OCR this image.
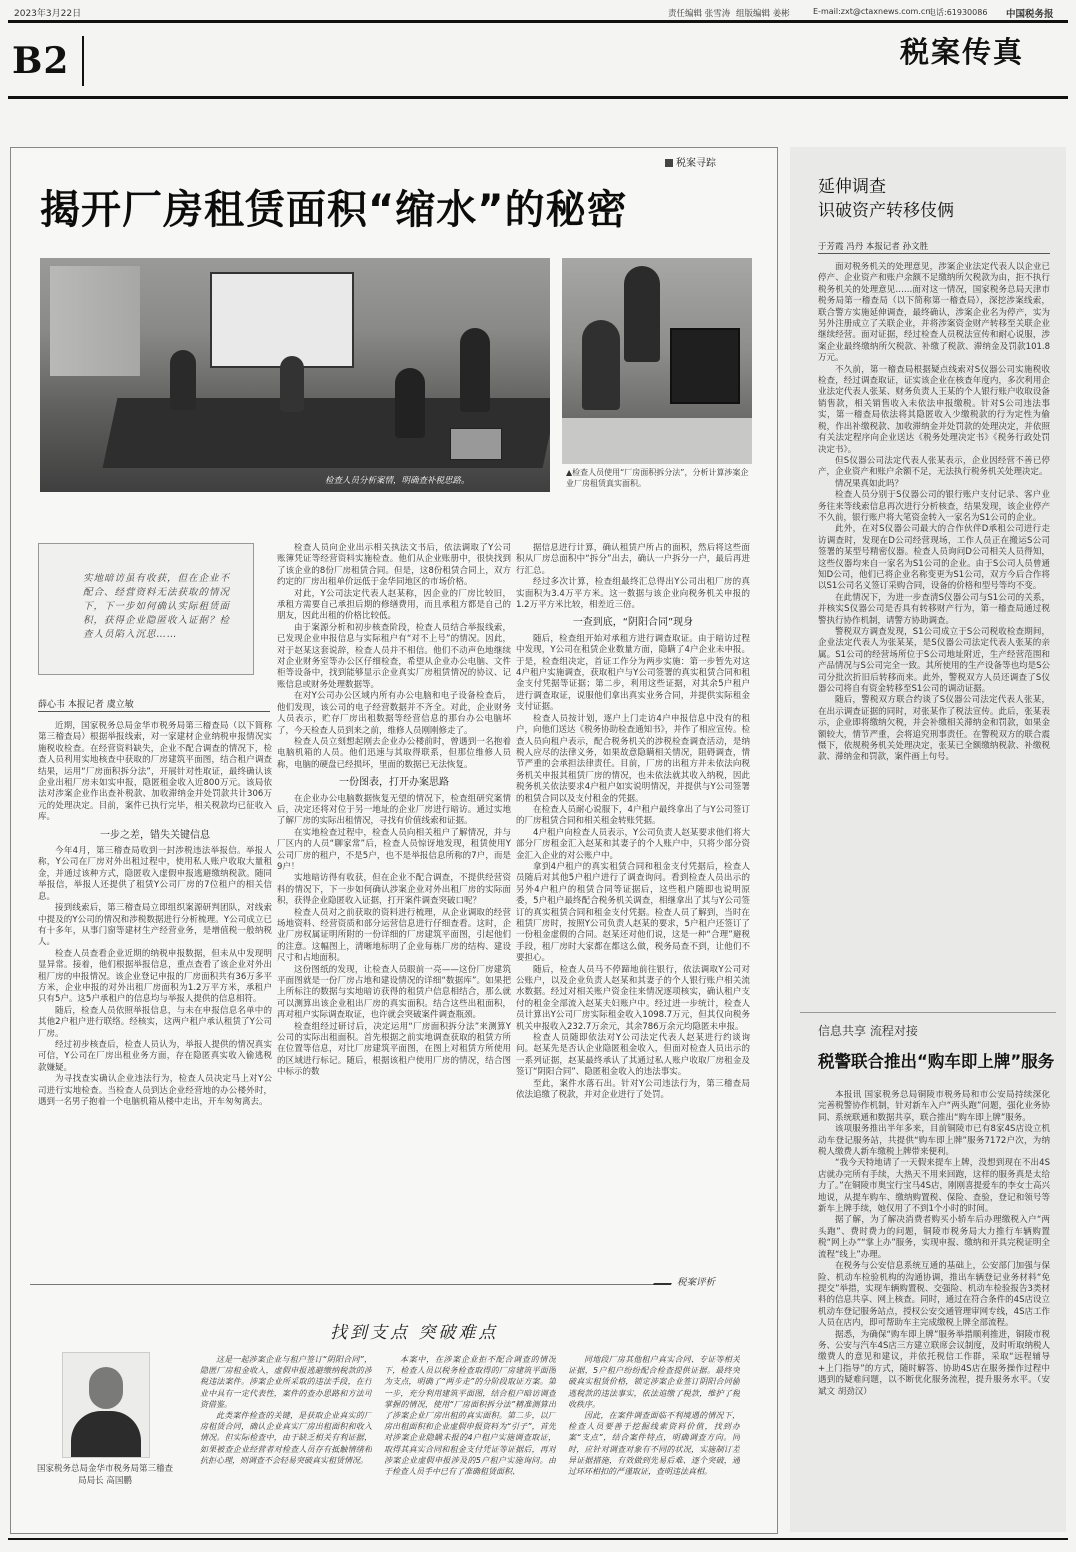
2023年3月22日	责任编辑 张雪涛 组版编辑 姜彬	E-mail:zxt@ctaxnews.com.cn
电话:61930086 中国税务报
B2	税案传真
税案寻踪
揭开厂房租赁面积“缩水”的秘密
检查人员分析案情，明确查补税思路。
▲检查人员使用“厂房面积拆分法”，分析计算涉案企业厂房租赁真实面积。
实地暗访虽有收获，但在企业不配合、经营资料无法获取的情况下，下一步如何确认实际租赁面积，获得企业隐匿收入证据？检查人员陷入沉思……
薛心韦 本报记者 虞立敏

近期，国家税务总局金华市税务局第三稽查局（以下简称第三稽查局）根据举报线索，对一家建材企业纳税申报情况实施税收检查。在经营资料缺失，企业不配合调查的情况下，检查人员利用实地核查中获取的厂房建筑平面图，结合租户调查结果，运用“厂房面积拆分法”，开展针对性取证，最终确认该企业出租厂房未如实申报，隐匿租金收入近800万元。该局依法对涉案企业作出查补税款、加收滞纳金并处罚款共计306万元的处理决定。目前，案件已执行完毕，相关税款均已征收入库。

一步之差，错失关键信息

今年4月，第三稽查局收到一封涉税违法举报信。举报人称，Y公司在厂房对外出租过程中，使用私人账户收取大量租金，并通过该种方式，隐匿收入虚假申报逃避缴纳税款。随同举报信，举报人还提供了租赁Y公司厂房的7位租户的相关信息。

接到线索后，第三稽查局立即组织案源研判团队，对线索中提及的Y公司的情况和涉税数据进行分析梳理。Y公司成立已有十多年，从事门窗等建材生产经营业务，是增值税一般纳税人。

检查人员查看企业近期的纳税申报数据，但未从中发现明显异常。接着，他们根据举报信息，重点查看了该企业对外出租厂房的申报情况。该企业登记申报的厂房面积共有36万多平方米，企业申报的对外出租厂房面积为1.2万平方米，承租户只有5户。这5户承租户的信息均与举报人提供的信息相符。

随后，检查人员依照举报信息，与未在申报信息名单中的其他2户租户进行联络。经核实，这两户租户承认租赁了Y公司厂房。

经过初步核查后，检查人员认为，举报人提供的情况真实可信，Y公司在厂房出租业务方面，存在隐匿真实收入偷逃税款嫌疑。

为寻找查实确认企业违法行为，检查人员决定马上对Y公司进行实地检查。当检查人员到达企业经营地的办公楼外时，遇到一名男子抱着一个电脑机箱从楼中走出，开车匆匆离去。

检查人员向企业出示相关执法文书后，依法调取了Y公司账簿凭证等经营资料实施检查。他们从企业账册中，很快找到了该企业的8份厂房租赁合同。但是，这8份租赁合同上，双方约定的厂房出租单价远低于金华同地区的市场价格。

对此，Y公司法定代表人赵某称，因企业的厂房比较旧，承租方需要自己承担后期的修缮费用，而且承租方都是自己的朋友，因此出租的价格比较低。

由于案源分析和初步核查阶段，检查人员结合举报线索，已发现企业申报信息与实际租户有“对不上号”的情况。因此，对于赵某这套说辞，检查人员并不相信。他们不动声色地继续对企业财务室等办公区仔细检查，希望从企业办公电脑、文件柜等设备中，找到能够显示企业真实厂房租赁情况的协议、记账信息或财务处理数据等。

在对Y公司办公区域内所有办公电脑和电子设备检查后，他们发现，该公司的电子经营数据并不齐全。对此，企业财务人员表示，贮存厂房出租数据等经营信息的那台办公电脑坏了，今天检查人员到来之前，维修人员刚刚修走了。

检查人员立刻想起刚去企业办公楼前时，曾遇到一名抱着电脑机箱的人员。他们迅速与其取得联系，但那位维修人员称，电脑的硬盘已经损坏，里面的数据已无法恢复。

一份图表，打开办案思路

在企业办公电脑数据恢复无望的情况下，检查组研究案情后，决定还将对位于另一地址的企业厂房进行暗访。通过实地了解厂房的实际出租情况，寻找有价值线索和证据。

在实地检查过程中，检查人员向相关租户了解情况，并与厂区内的人员“聊家常”后，检查人员惊讶地发现，租赁使用Y公司厂房的租户，不是5户，也不是举报信息所称的7户，而是9户！

实地暗访得有收获，但在企业不配合调查，不提供经营资料的情况下，下一步如何确认涉案企业对外出租厂房的实际面积，获得企业隐匿收入证据，打开案件调查突破口呢？

检查人员对之前获取的资料进行梳理，从企业调取的经营场地资料、经营资质和部分运营信息进行仔细查看。这时，企业厂房权属证明所附的一份详细的厂房建筑平面图，引起他们的注意。这幅图上，清晰地标明了企业每栋厂房的结构、建设尺寸和占地面积。

这份图纸的发现，让检查人员眼前一亮——这份厂房建筑平面图就是一份厂房占地和建设情况的详细“数据库”。如果把上所标注的数据与实地暗访获得的租赁户信息相结合，那么就可以测算出该企业租出厂房的真实面积。结合这些出租面积，再对租户实际调查取证，也许就会突破案件调查瓶颈。

检查组经过研讨后，决定运用“厂房面积拆分法”来测算Y公司的实际出租面积。首先根据之前实地调查获取的租赁方所在位置等信息，对比厂房建筑平面图，在图上对租赁方所使用的区域进行标记。随后，根据该租户使用厂房的情况，结合图中标示的数

据信息进行计算，确认租赁户所占的面积，然后将这些面积从厂房总面积中“拆分”出去，确认一户拆分一户，最后再进行汇总。

经过多次计算，检查组最终汇总得出Y公司出租厂房的真实面积为3.4万平方米。这一数据与该企业向税务机关申报的1.2万平方米比较，相差近三倍。

一查到底，“阴阳合同”现身

随后，检查组开始对承租方进行调查取证。由于暗访过程中发现，Y公司在租赁企业数量方面，隐瞒了4户企业未申报。于是，检查组决定，首证工作分为两步实施：第一步暂先对这4户租户实施调查，获取租户与Y公司签署的真实租赁合同和租金支付凭据等证据；第二步，利用这些证据，对其余5户租户进行调查取证，说服他们拿出真实业务合同，并提供实际租金支付证据。

检查人员按计划，逐户上门走访4户申报信息中没有的租户，向他们送达《税务协助检查通知书》，并作了相应宣传。检查人员向租户表示，配合税务机关的涉税检查调查活动，是纳税人应尽的法律义务，如果故意隐瞒相关情况，阻碍调查，情节严重的会承担法律责任。目前，厂房的出租方并未依法向税务机关申报其租赁厂房的情况，也未依法就其收入纳税，因此税务机关依法要求4户租户如实说明情况，并提供与Y公司签署的租赁合同以及支付租金的凭据。

在检查人员耐心说服下，4户租户最终拿出了与Y公司签订的厂房租赁合同和相关租金转账凭据。

4户租户向检查人员表示，Y公司负责人赵某要求他们将大部分厂房租金汇入赵某和其妻子的个人账户中，只将少部分资金汇入企业的对公账户中。

拿到4户租户的真实租赁合同和租金支付凭据后，检查人员随后对其他5户租户进行了调查询问。看到检查人员出示的另外4户租户的租赁合同等证据后，这些租户随即也说明原委，5户租户最终配合税务机关调查，相继拿出了其与Y公司签订的真实租赁合同和租金支付凭据。检查人员了解到，当时在租赁厂房时，按照Y公司负责人赵某的要求，5户租户还签订了一份租金虚假的合同。赵某还对他们说，这是一种“合理”避税手段，租厂房时大家都在都这么做，税务局查不到，让他们不要担心。

随后，检查人员马不停蹄地前往银行，依法调取Y公司对公账户，以及企业负责人赵某和其妻子的个人银行账户相关流水数据。经过对相关账户资金往来情况逐项核实，确认租户支付的租金全部流入赵某夫妇账户中。经过进一步统计，检查人员计算出Y公司厂房实际租金收入1098.7万元，但其仅向税务机关申报收入232.7万余元，其余786万余元均隐匿未申报。

检查人员随即依法对Y公司法定代表人赵某进行约谈询问。赵某先是否认企业隐匿租金收入，但面对检查人员出示的一系列证据，赵某最终承认了其通过私人账户收取厂房租金及签订“阴阳合同”、隐匿租金收入的违法事实。

至此，案件水落石出。针对Y公司违法行为，第三稽查局依法追缴了税款，并对企业进行了处罚。

税案评析
国家税务总局金华市税务局第三稽查局局长 高国鹏
找到支点 突破难点

这是一起涉案企业与租户签订“阴阳合同”，隐匿厂房租金收入，虚假申报逃避缴纳税款的涉税违法案件。涉案企业所采取的违法手段，在行业中具有一定代表性，案件的查办思路和方法可资借鉴。

此类案件检查的关键，是获取企业真实的厂房租赁合同，确认企业真实厂房出租面积和收入情况。但实际检查中，由于缺乏相关有利证据，如果被查企业经营者对检查人员存有抵触情绪和抗拒心理，则调查不会轻易突破真实租赁情况。

本案中，在涉案企业拒不配合调查的情况下，检查人员以税务检查取得的厂房建筑平面图为支点，明确了“两步走”的分阶段取证方案。第一步，充分利用建筑平面图，结合租户暗访调查掌握的情况，使用“厂房面积拆分法”精准测算出了涉案企业厂房出租的真实面积。第二步，以厂房出租面积和企业虚假申报资料为“引子”，首先对涉案企业隐瞒未报的4户租户实施调查取证，取得其真实合同和租金支付凭证等证据后，再对涉案企业虚假申报涉及的5户租户实施询问。由于检查人员手中已有了准确租赁面积、

同地段厂房其他租户真实合同、专证等相关证据，5户租户纷纷配合检查提供证据。最终突破真实租赁价格，锁定涉案企业签订阴阳合同偷逃税款的违法事实，依法追缴了税款，维护了税收秩序。

因此，在案件调查面临不利境遇的情况下，检查人员要善于挖掘线索资料价值，找到办案“支点”，结合案件特点，明确调查方向。同时，应针对调查对象有不同的状况，实施制订差异证据措施，有效做到先易后难、逐个突破，通过环环相扣的严谨取证，查明违法真相。

延伸调查
识破资产转移伎俩
于芳霞 冯丹 本报记者 孙文胜

面对税务机关的处理意见，涉案企业法定代表人以企业已停产、企业资产和账户余额不足缴纳所欠税款为由，拒不执行税务机关的处理意见……面对这一情况，国家税务总局天津市税务局第一稽查局（以下简称第一稽查局），深挖涉案线索，联合警方实施延伸调查，最终确认，涉案企业名为停产，实为另外注册成立了关联企业，并将涉案资金财产转移至关联企业继续经营。面对证据，经过检查人员税法宣传和耐心说服，涉案企业最终缴纳所欠税款、补缴了税款、滞纳金及罚款101.8万元。

不久前，第一稽查局根据疑点线索对S仪器公司实施税收检查，经过调查取证，证实该企业在核查年度内，多次利用企业法定代表人张某、财务负责人王某的个人银行账户收取设备销售款，相关销售收入未依法申报缴税。针对S公司违法事实，第一稽查局依法将其隐匿收入少缴税款的行为定性为偷税，作出补缴税款、加收滞纳金并处罚款的处理决定，并依照有关法定程序向企业送达《税务处理决定书》《税务行政处罚决定书》。

但S仪器公司法定代表人张某表示，企业因经营不善已停产，企业资产和账户余额不足，无法执行税务机关处理决定。

情况果真如此吗？

检查人员分别于S仪器公司的银行账户支付记录、客户业务往来等线索信息再次进行分析核查，结果发现，该企业停产不久前，银行账户将大笔资金转入一家名为S1公司的企业。

此外，在对S仪器公司最大的合作伙伴D承租公司进行走访调查时，发现在D公司经营现场，工作人员正在搬运S公司签署的某型号精密仪器。检查人员询问D公司相关人员得知，这些仪器均来自一家名为S1公司的企业。由于S公司人员曾通知D公司，他们已将企业名称变更为S1公司，双方今后合作将以S1公司名义签订采购合同，设备的价格和型号等均不变。

在此情况下，为进一步查清S仪器公司与S1公司的关系，并核实S仪器公司是否具有转移财产行为，第一稽查局通过税警执行协作机制，请警方协助调查。

警税双方调查发现，S1公司成立于S公司税收检查期间，企业法定代表人为张某某，是S仪器公司法定代表人张某的亲属。S1公司的经营场所位于S公司地址附近，生产经营范围和产品情况与S公司完全一致。其所使用的生产设备等也均是S公司分批次折旧后转移而来。此外，警税双方人员还调查了S仪器公司将自有资金转移至S1公司的调动证据。

随后，警税双方联合约谈了S仪器公司法定代表人张某，在出示调查证据的同时，对张某作了税法宣传。此后，张某表示，企业即将缴纳欠税，并会补缴相关滞纳金和罚款，如果金额较大，情节严重，会将追究刑事责任。在警税双方的联合震慑下，依规税务机关处理决定，张某已全额缴纳税款、补缴税款、滞纳金和罚款，案件画上句号。

信息共享 流程对接
税警联合推出“购车即上牌”服务

本报讯 国家税务总局铜陵市税务局和市公安局持续深化完善税警协作机制，针对新车入户“两头跑”问题，强化业务协同、系统联通和数据共享，联合推出“购车即上牌”服务。

该项服务推出半年多来，目前铜陵市已有8家4S店设立机动车登记服务站，共提供“购车即上牌”服务7172户次，为纳税人缴费人新车缴税上牌带来便利。

“我今天特地请了一天假来提车上牌，没想到现在不出4S店就办完所有手续，大热天不用来回跑，这样的服务真是太给力了。”在铜陵市奥宝行宝马4S店，刚刚喜提爱车的李女士高兴地说，从提车购车、缴纳购置税、保险、查验，登记和领号等新车上牌手续，她仅用了不到1个小时的时间。

据了解，为了解决消费者购买小轿车后办理缴税入户“两头跑”、费时费力的问题，铜陵市税务局大力推行车辆购置税“网上办”“掌上办”服务，实现申报、缴纳和开具完税证明全流程“线上”办理。

在税务与公安信息系统互通的基础上，公安部门加强与保险、机动车检验机构的沟通协调，推出车辆登记业务材料“免提交”举措，实现车辆购置税、交强险、机动车检验报告3类材料的信息共享、网上核查。同时，通过在符合条件的4S店设立机动车登记服务站点，授权公安交通管理审网专线，4S店工作人员在店内，即可帮助车主完成缴税上牌全部流程。

据悉，为确保“购车即上牌”服务举措顺利推进，铜陵市税务、公安与汽车4S店三方建立联席会议制度，及时听取纳税人缴费人的意见和建议，并依托税信工作群，采取“远程辅导+上门指导”的方式，随时解答、协助4S店在服务操作过程中遇到的疑难问题，以不断优化服务流程，提升服务水平。（安斌文 胡劲汉）
